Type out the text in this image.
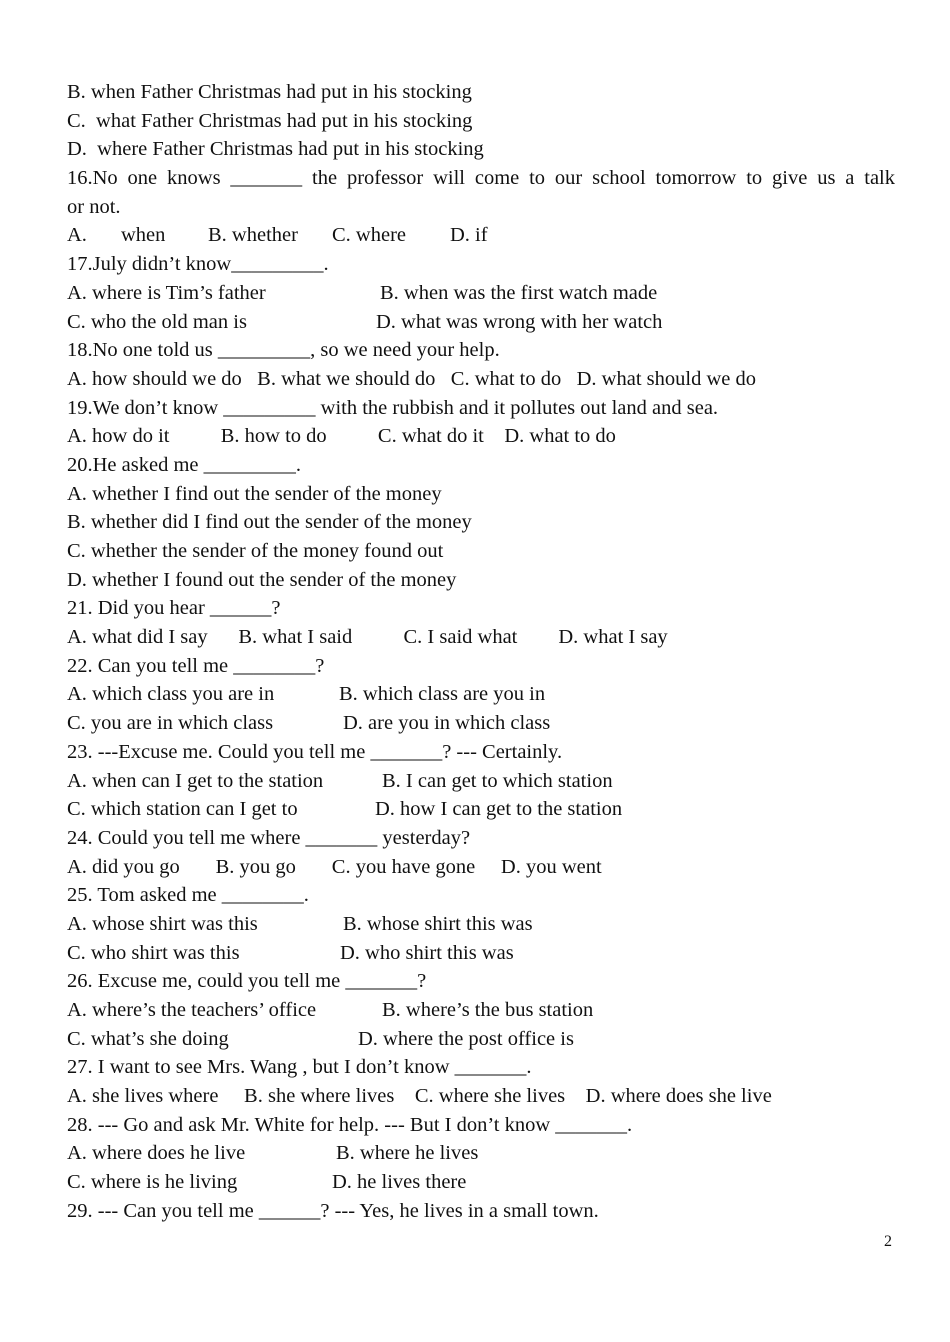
B. when Father Christmas had put in his stocking
C.  what Father Christmas had put in his stocking
D.  where Father Christmas had put in his stocking
16.No one knows _______ the professor will come to our school tomorrow to give us a talk
or not.

A.

when

B. whether

C. where

D. if

17.July didn’t know_________.

A. where is Tim’s father

	B. when was the first watch made

C. who the old man is

	D. what was wrong with her watch

18.No one told us _________, so we need your help.
A. how should we do   B. what we should do   C. what to do   D. what should we do
19.We don’t know _________ with the rubbish and it pollutes out land and sea.
A. how do it          B. how to do          C. what do it    D. what to do
20.He asked me _________.
A. whether I find out the sender of the money
B. whether did I find out the sender of the money
C. whether the sender of the money found out
D. whether I found out the sender of the money
21. Did you hear ______?
A. what did I say      B. what I said          C. I said what        D. what I say
22. Can you tell me ________?

A. which class you are in

	B. which class are you in

C. you are in which class

	D. are you in which class

23. ---Excuse me. Could you tell me _______? --- Certainly.

A. when can I get to the station

	B. I can get to which station

C. which station can I get to

	D. how I can get to the station

24. Could you tell me where _______ yesterday?
A. did you go       B. you go       C. you have gone     D. you went
25. Tom asked me ________.

A. whose shirt was this

	B. whose shirt this was

C. who shirt was this

	D. who shirt this was

26. Excuse me, could you tell me _______?

A. where’s the teachers’ office

	B. where’s the bus station

C. what’s she doing

	D. where the post office is

27. I want to see Mrs. Wang , but I don’t know _______.
A. she lives where     B. she where lives    C. where she lives    D. where does she live
28. --- Go and ask Mr. White for help. --- But I don’t know _______.

A. where does he live

	B. where he lives

C. where is he living

	D. he lives there

29. --- Can you tell me ______? --- Yes, he lives in a small town.
2
